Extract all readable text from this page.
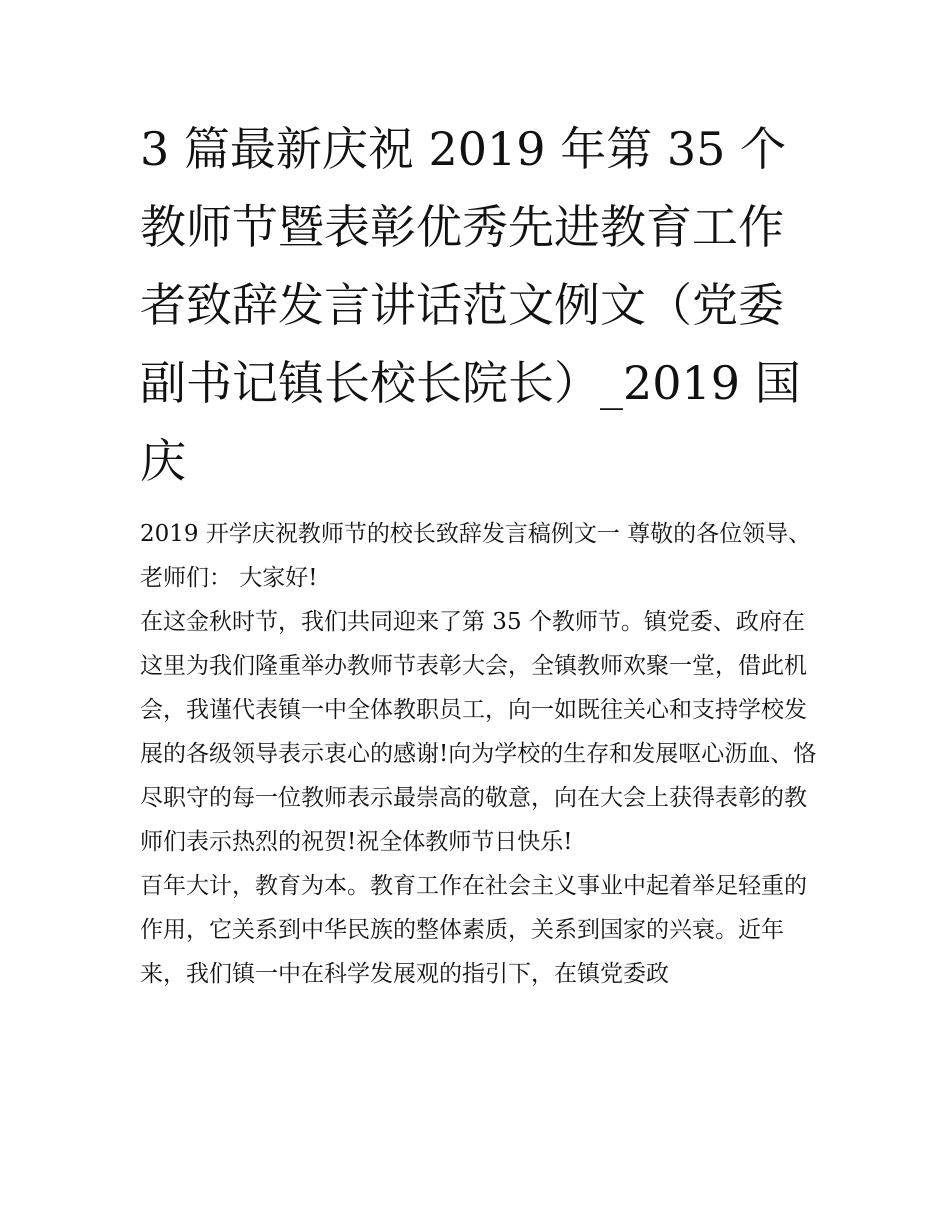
3 篇最新庆祝 2019 年第 35 个教师节暨表彰优秀先进教育工作者致辞发言讲话范文例文（党委副书记镇长校长院长）_2019 国庆

2019 开学庆祝教师节的校长致辞发言稿例文一 尊敬的各位领导、老师们： 大家好!

在这金秋时节，我们共同迎来了第 35 个教师节。镇党委、政府在这里为我们隆重举办教师节表彰大会，全镇教师欢聚一堂，借此机会，我谨代表镇一中全体教职员工，向一如既往关心和支持学校发展的各级领导表示衷心的感谢!向为学校的生存和发展呕心沥血、恪尽职守的每一位教师表示最崇高的敬意，向在大会上获得表彰的教师们表示热烈的祝贺!祝全体教师节日快乐!

百年大计，教育为本。教育工作在社会主义事业中起着举足轻重的作用，它关系到中华民族的整体素质，关系到国家的兴衰。近年来，我们镇一中在科学发展观的指引下，在镇党委政
